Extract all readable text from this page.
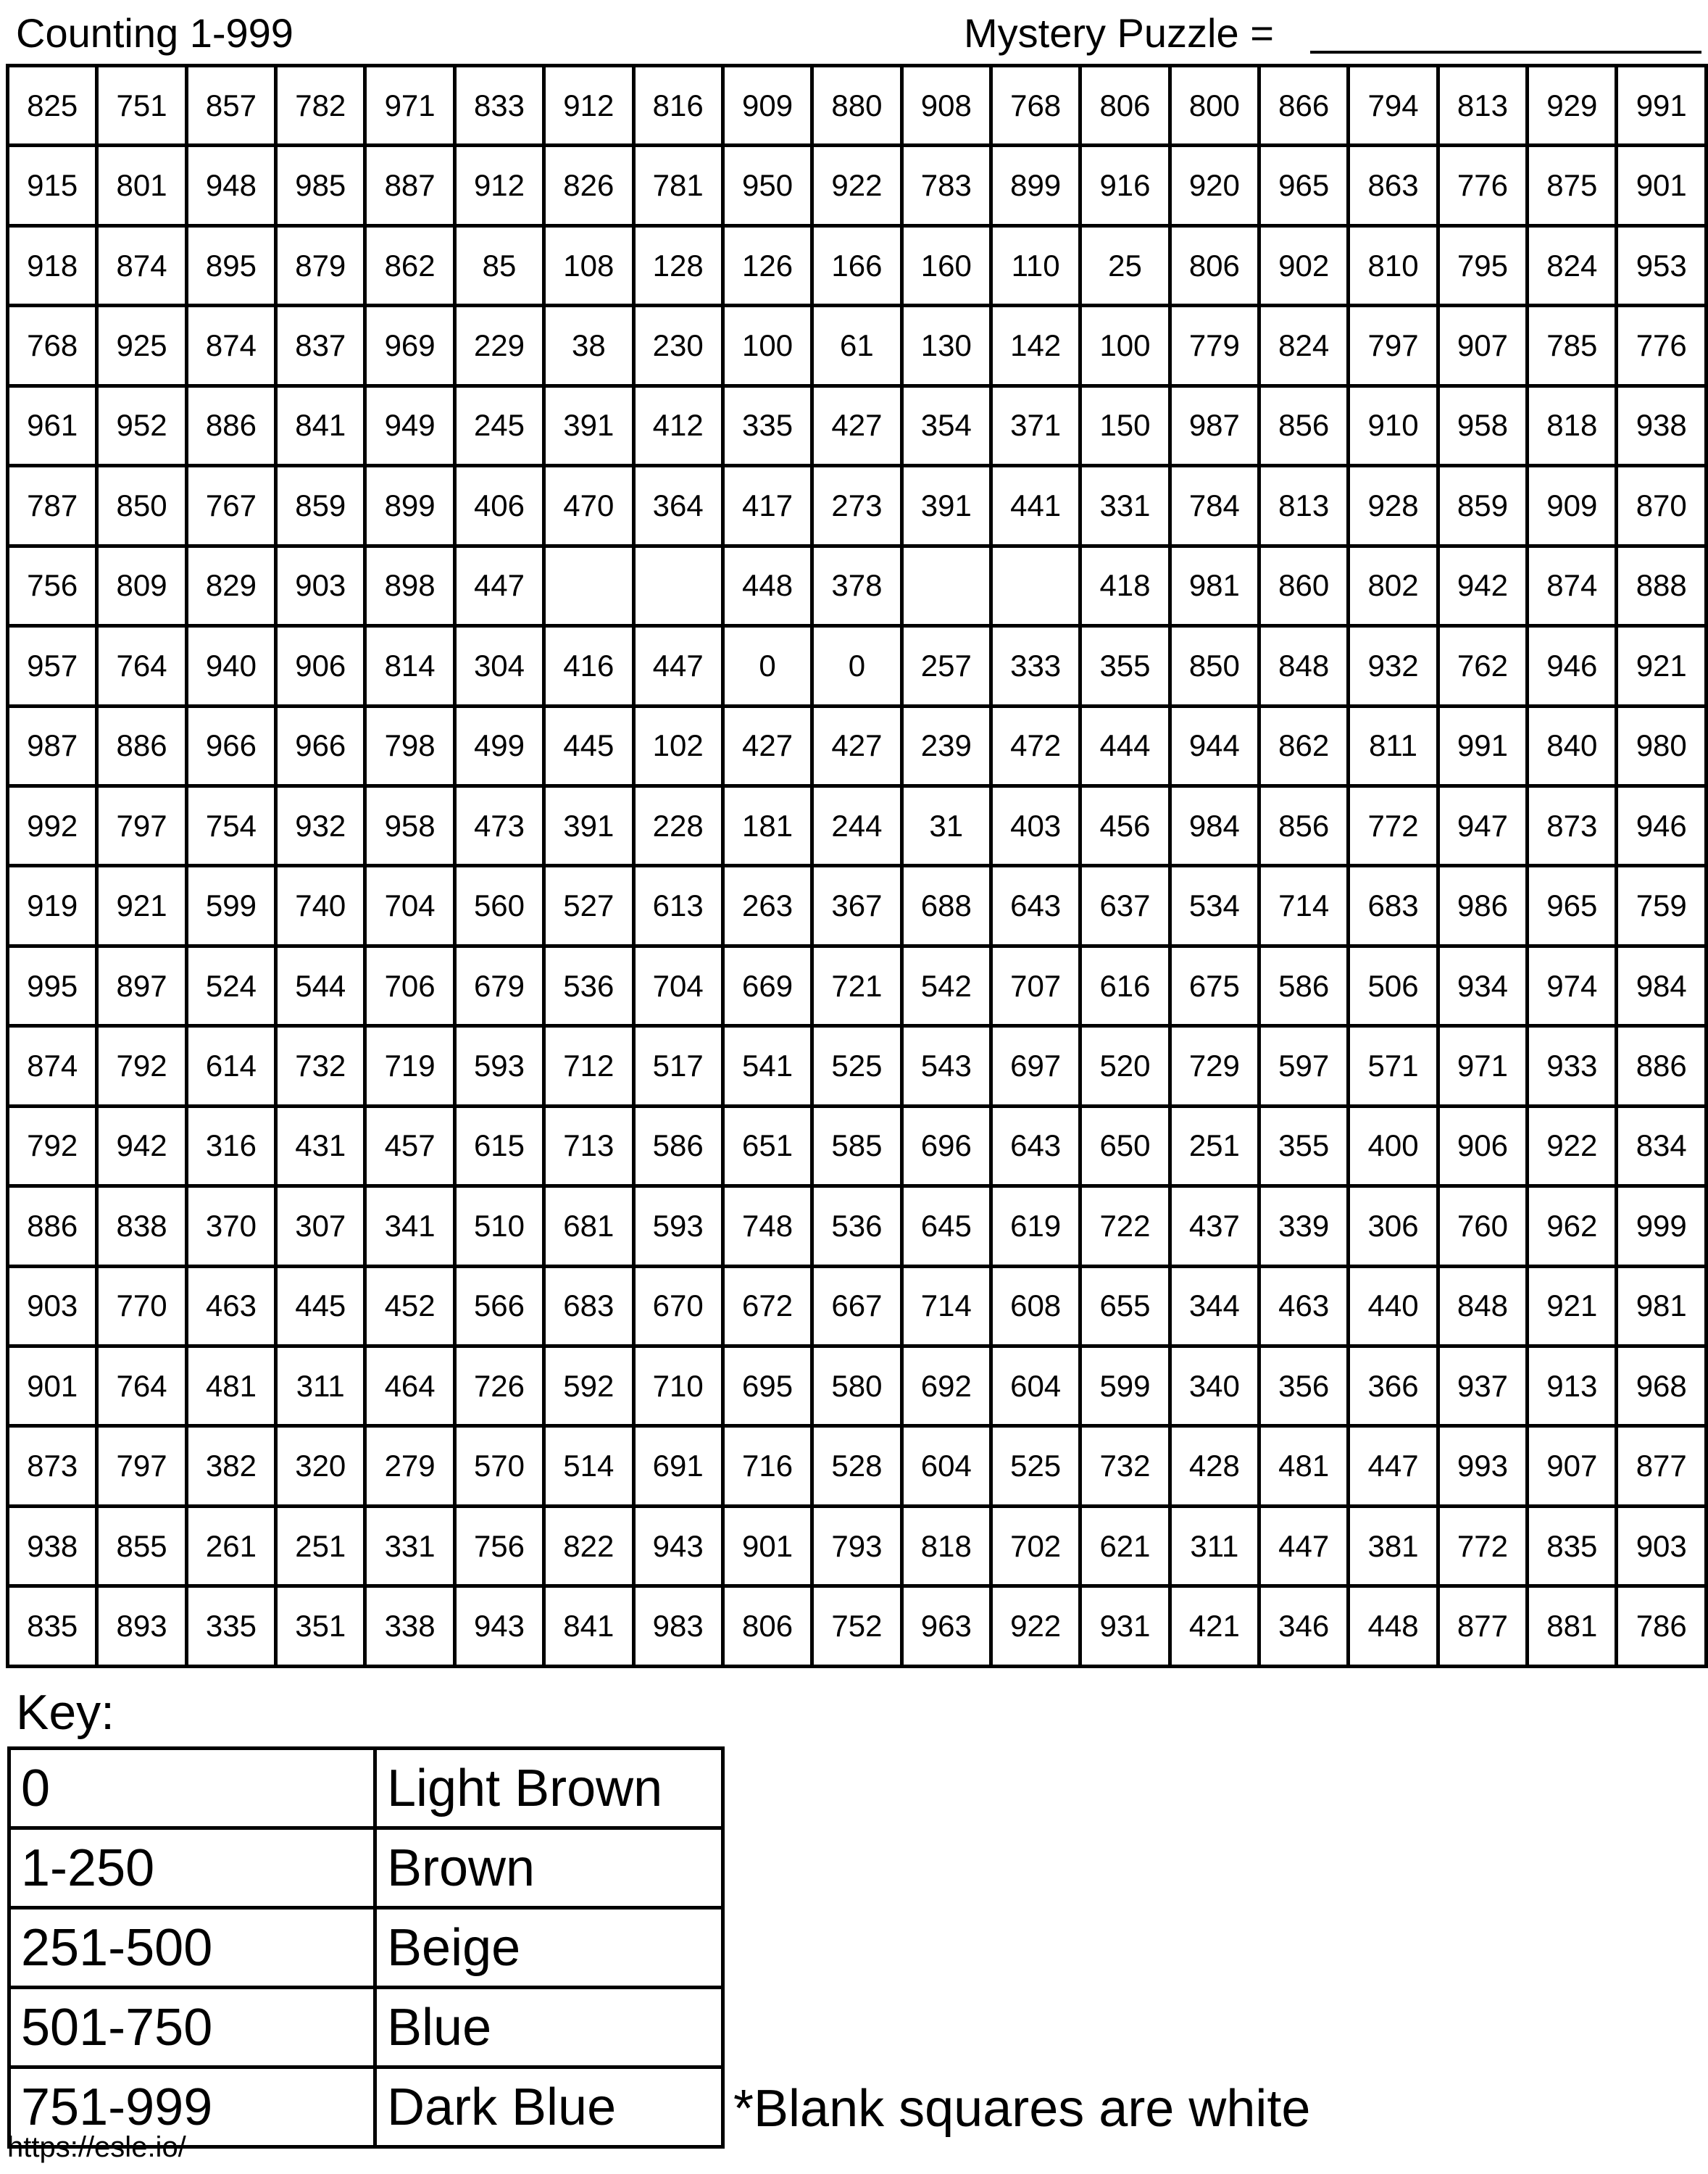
Counting 1-999	Mystery Puzzle =
825	751	857	782	971	833	912	816	909	880	908	768	806	800	866	794	813	929	991
915	801	948	985	887	912	826	781	950	922	783	899	916	920	965	863	776	875	901
918	874	895	879	862	85	108	128	126	166	160	110	25	806	902	810	795	824	953
768	925	874	837	969	229	38	230	100	61	130	142	100	779	824	797	907	785	776
961	952	886	841	949	245	391	412	335	427	354	371	150	987	856	910	958	818	938
787	850	767	859	899	406	470	364	417	273	391	441	331	784	813	928	859	909	870
756	809	829	903	898	447			448	378			418	981	860	802	942	874	888
957	764	940	906	814	304	416	447	0	0	257	333	355	850	848	932	762	946	921
987	886	966	966	798	499	445	102	427	427	239	472	444	944	862	811	991	840	980
992	797	754	932	958	473	391	228	181	244	31	403	456	984	856	772	947	873	946
919	921	599	740	704	560	527	613	263	367	688	643	637	534	714	683	986	965	759
995	897	524	544	706	679	536	704	669	721	542	707	616	675	586	506	934	974	984
874	792	614	732	719	593	712	517	541	525	543	697	520	729	597	571	971	933	886
792	942	316	431	457	615	713	586	651	585	696	643	650	251	355	400	906	922	834
886	838	370	307	341	510	681	593	748	536	645	619	722	437	339	306	760	962	999
903	770	463	445	452	566	683	670	672	667	714	608	655	344	463	440	848	921	981
901	764	481	311	464	726	592	710	695	580	692	604	599	340	356	366	937	913	968
873	797	382	320	279	570	514	691	716	528	604	525	732	428	481	447	993	907	877
938	855	261	251	331	756	822	943	901	793	818	702	621	311	447	381	772	835	903
835	893	335	351	338	943	841	983	806	752	963	922	931	421	346	448	877	881	786
Key:
0	Light Brown
1-250	Brown
251-500	Beige
501-750	Blue
751-999	Dark Blue *Blank squares are white
https://esle.io/
